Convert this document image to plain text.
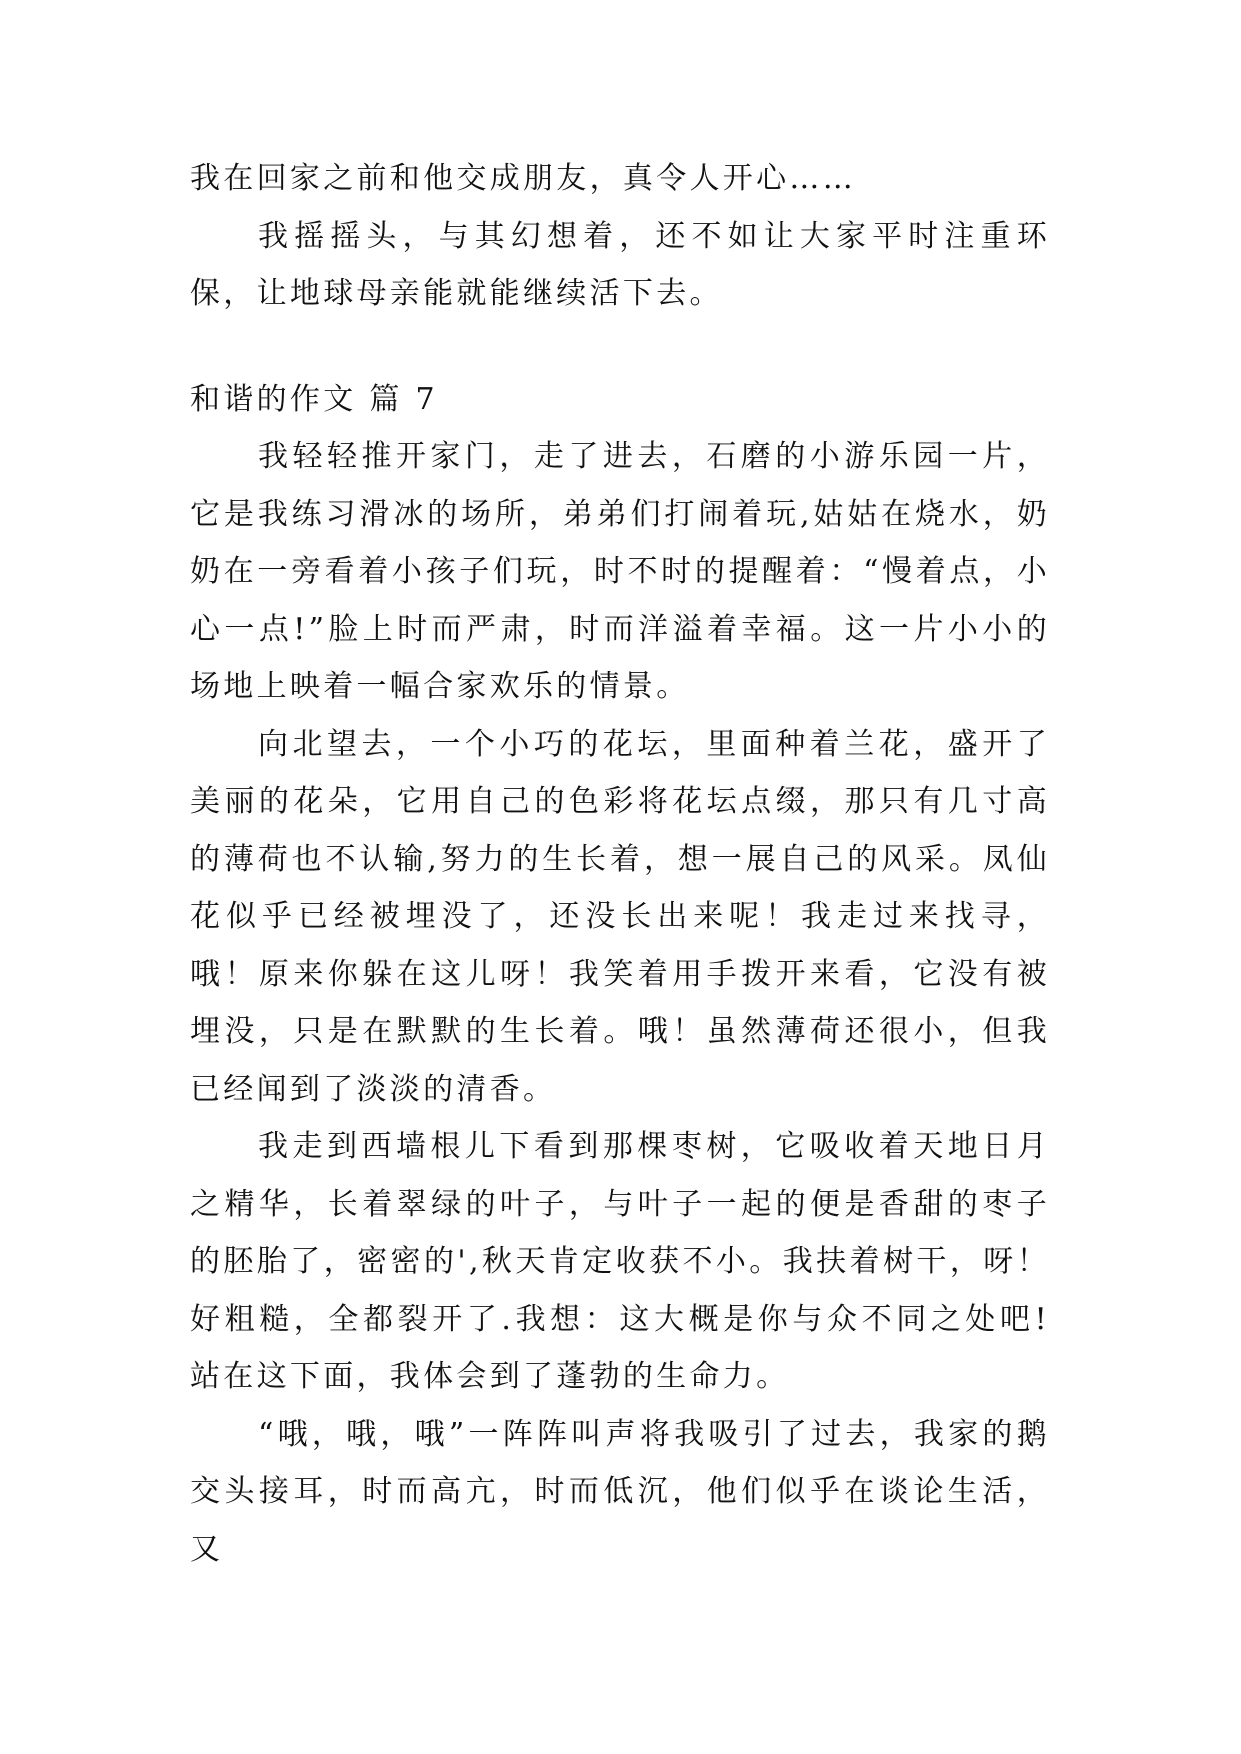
我在回家之前和他交成朋友，真令人开心……

我摇摇头，与其幻想着，还不如让大家平时注重环保，让地球母亲能就能继续活下去。

和谐的作文 篇 7

我轻轻推开家门，走了进去，石磨的小游乐园一片，它是我练习滑冰的场所，弟弟们打闹着玩,姑姑在烧水，奶奶在一旁看着小孩子们玩，时不时的提醒着：“慢着点，小心一点!”脸上时而严肃，时而洋溢着幸福。这一片小小的场地上映着一幅合家欢乐的情景。

向北望去，一个小巧的花坛，里面种着兰花，盛开了美丽的花朵，它用自己的色彩将花坛点缀，那只有几寸高的薄荷也不认输,努力的生长着，想一展自己的风采。凤仙花似乎已经被埋没了，还没长出来呢！我走过来找寻，哦！原来你躲在这儿呀！我笑着用手拨开来看，它没有被埋没，只是在默默的生长着。哦！虽然薄荷还很小，但我已经闻到了淡淡的清香。

我走到西墙根儿下看到那棵枣树，它吸收着天地日月之精华，长着翠绿的叶子，与叶子一起的便是香甜的枣子的胚胎了，密密的',秋天肯定收获不小。我扶着树干，呀！好粗糙，全都裂开了.我想：这大概是你与众不同之处吧!站在这下面，我体会到了蓬勃的生命力。

“哦，哦，哦”一阵阵叫声将我吸引了过去，我家的鹅交头接耳，时而高亢，时而低沉，他们似乎在谈论生活，又
